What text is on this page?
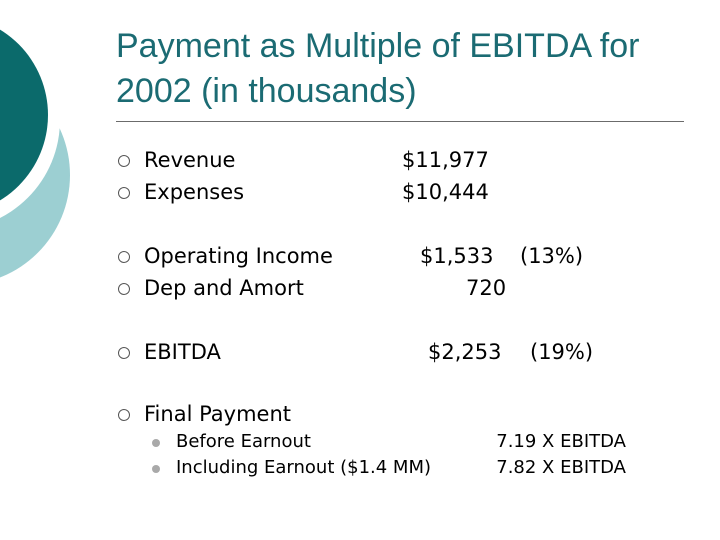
Payment as Multiple of EBITDA for
2002 (in thousands)
Revenue	$11,977
Expenses	$10,444
Operating Income	$1,533 (13%)
Dep and Amort	720
EBITDA	$2,253 (19%)
Final Payment
Before Earnout	7.19 X EBITDA
Including Earnout ($1.4 MM)	7.82 X EBITDA
